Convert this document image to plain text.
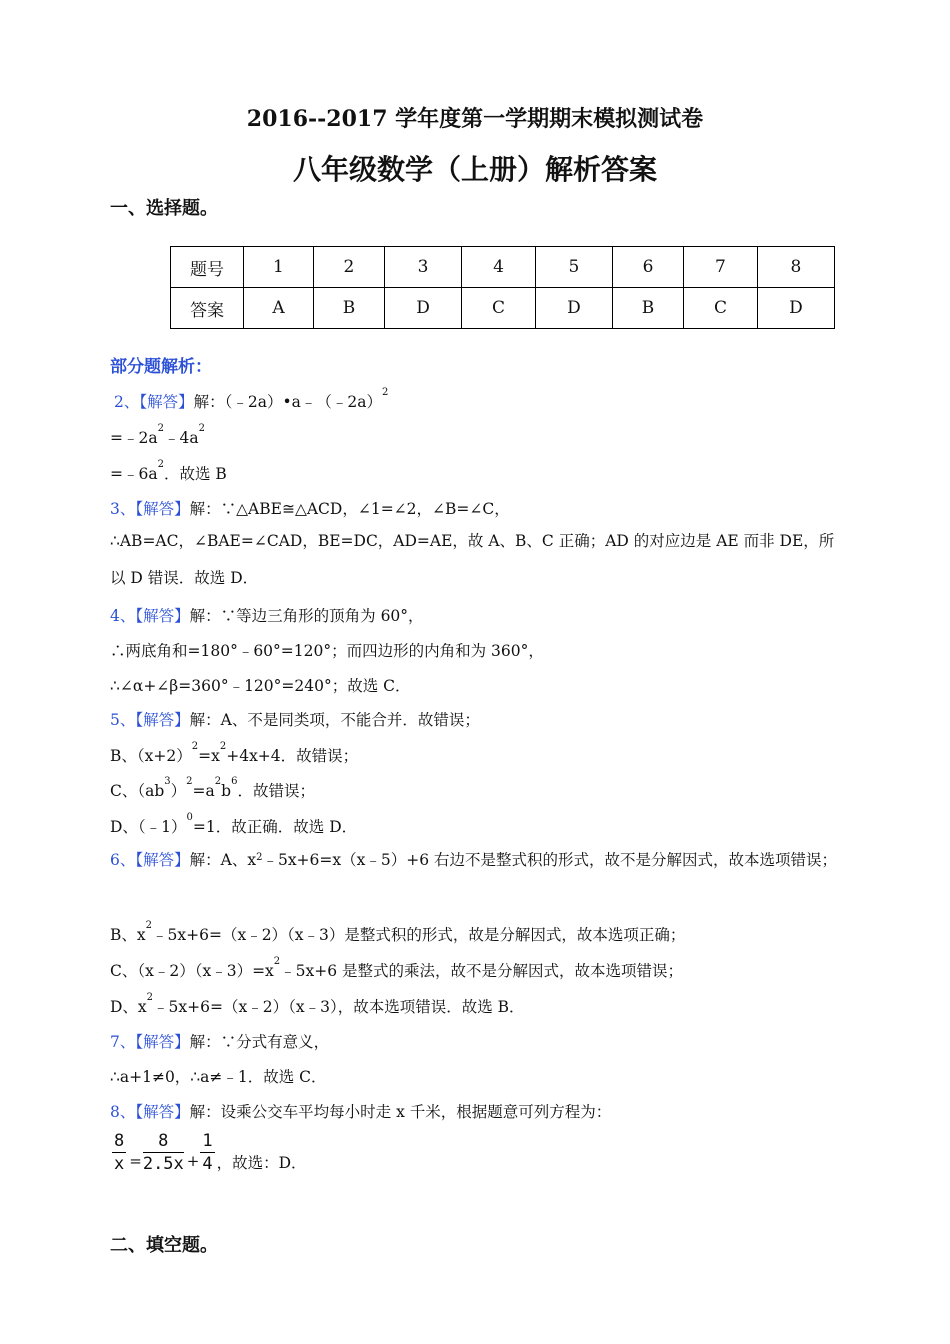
2016--2017 学年度第一学期期末模拟测试卷
八年级数学（上册）解析答案
一、选择题。
题号	1	2	3	4	5	6	7	8
答案	A	B	D	C	D	B	C	D
部分题解析：
2、【解答】解：（﹣2a）•a﹣（﹣2a）$^2$
$=﹣2a^2﹣4a^2$
$=﹣6a^2$．故选 B
3、【解答】解：∵△ABE≅△ACD，∠1=∠2，∠B=∠C，
∴AB=AC，∠BAE=∠CAD，BE=DC，AD=AE，故 A、B、C 正确；AD 的对应边是 AE 而非 DE，所以 D 错误．故选 D．
4、【解答】解：∵等边三角形的顶角为 60°，
∴两底角和=180°﹣60°=120°；而四边形的内角和为 360°，
∴∠α+∠β=360°﹣120°=240°；故选 C．
5、【解答】解：A、不是同类项，不能合并．故错误；
B、$(x+2)^2=x^2+4x+4$．故错误；
C、$(ab^3)^2=a^2b^6$．故错误；
D、（﹣1）$^0$=1．故正确．故选 D．
6、【解答】解：A、$x^2﹣5x+6=x(x﹣5)+6$ 右边不是整式积的形式，故不是分解因式，故本选项错误；
B、$x^2﹣5x+6=(x﹣2)(x﹣3)$是整式积的形式，故是分解因式，故本选项正确；
C、$(x﹣2)(x﹣3)=x^2﹣5x+6$ 是整式的乘法，故不是分解因式，故本选项错误；
D、$x^2﹣5x+6=(x﹣2)(x﹣3)$，故本选项错误．故选 B．
7、【解答】解：∵分式有意义，
∴a+1≠0，∴a≠﹣1．故选 C．
8、【解答】解：设乘公交车平均每小时走 x 千米，根据题意可列方程为：
$\frac{8}{x} = \frac{8}{2.5x} + \frac{1}{4}$ ，故选：D．
二、填空题。
